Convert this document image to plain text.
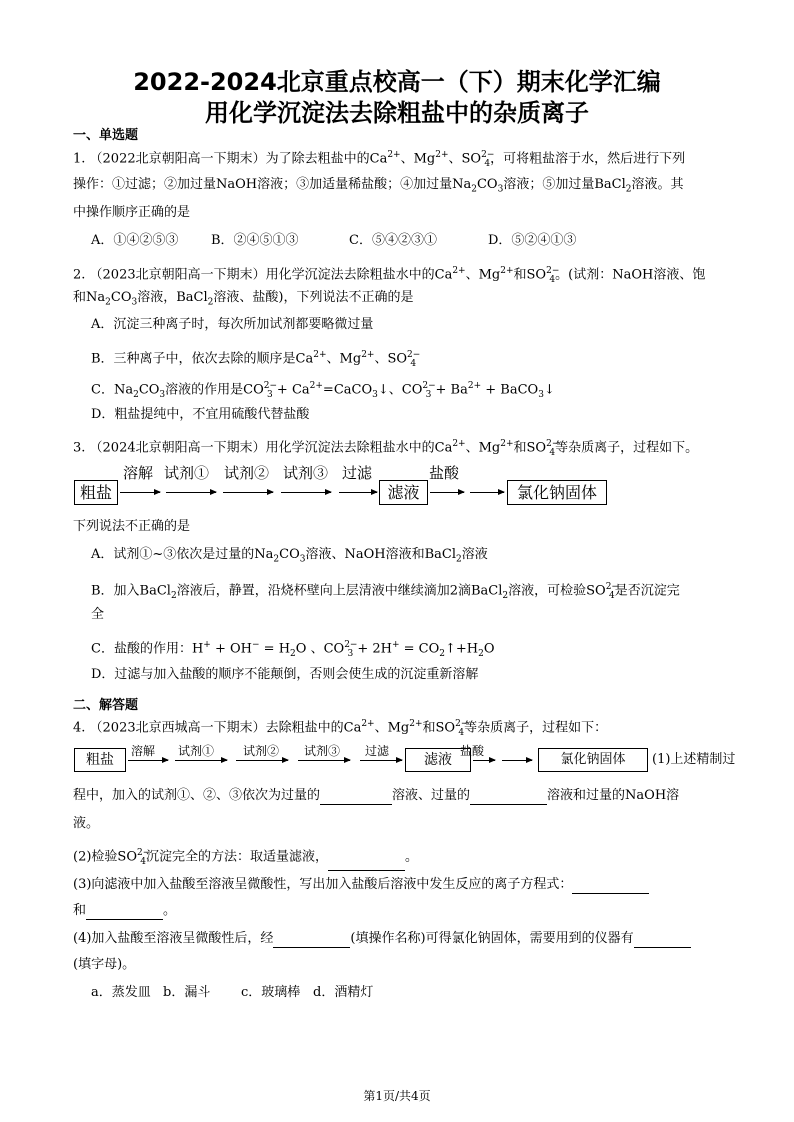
2022-2024北京重点校高一（下）期末化学汇编
用化学沉淀法去除粗盐中的杂质离子
一、单选题
1. （2022北京朝阳高一下期末）为了除去粗盐中的$Ca^{2+}$、$Mg^{2+}$、$SO^{2-}_4$，可将粗盐溶于水，然后进行下列
操作：①过滤；②加过量NaOH溶液；③加适量稀盐酸；④加过量$Na_2CO_3$溶液；⑤加过量BaCl$_2$溶液。其
中操作顺序正确的是
A．①④②⑤③	B．②④⑤①③	C．⑤④②③①	D．⑤②④①③
2. （2023北京朝阳高一下期末）用化学沉淀法去除粗盐水中的$Ca^{2+}$、$Mg^{2+}$和$SO^{2-}_4$。(试剂：NaOH溶液、饱
和$Na_2CO_3$溶液，BaCl$_2$溶液、盐酸)，下列说法不正确的是
A．沉淀三种离子时，每次所加试剂都要略微过量
B．三种离子中，依次去除的顺序是$Ca^{2+}$、$Mg^{2+}$、$SO^{2-}_4$
C．$Na_2CO_3$溶液的作用是$CO^{2-}_3$ + $Ca^{2+}=CaCO_3↓$、$CO^{2-}_3 + Ba^{2+}$ + BaCO$_3$↓
D．粗盐提纯中，不宜用硫酸代替盐酸
3. （2024北京朝阳高一下期末）用化学沉淀法去除粗盐水中的$Ca^{2+}$、$Mg^{2+}$和$SO^{2-}_4$等杂质离子，过程如下。
粗盐
溶解 试剂① 试剂② 试剂③ 过滤
滤液
盐酸
氯化钠固体
下列说法不正确的是
A．试剂①~③依次是过量的$Na_2CO_3$溶液、NaOH溶液和BaCl$_2$溶液
B．加入BaCl$_2$溶液后，静置，沿烧杯壁向上层清液中继续滴加2滴BaCl$_2$溶液，可检验$SO^{2-}_4$是否沉淀完
全
C．盐酸的作用：$H^+ + OH^- = H_2O$ 、$CO^{2-}_3 + 2H^+$ = $CO_2↑+H_2O$
D．过滤与加入盐酸的顺序不能颠倒，否则会使生成的沉淀重新溶解
二、解答题
4. （2023北京西城高一下期末）去除粗盐中的$Ca^{2+}$、$Mg^{2+}$和$SO^{2-}_4$等杂质离子，过程如下：
粗盐
溶解 试剂① 试剂② 试剂③ 过滤
滤液
盐酸
氯化钠固体	(1)上述精制过
程中，加入的试剂①、②、③依次为过量的	溶液、过量的	溶液和过量的NaOH溶
液。
(2)检验$SO^{2-}_4$沉淀完全的方法：取适量滤液，	。
(3)向滤液中加入盐酸至溶液呈微酸性，写出加入盐酸后溶液中发生反应的离子方程式：
和	。
(4)加入盐酸至溶液呈微酸性后，经	(填操作名称)可得氯化钠固体，需要用到的仪器有
(填字母)。
a．蒸发皿 b．漏斗 c．玻璃棒 d．酒精灯
第1页/共4页
